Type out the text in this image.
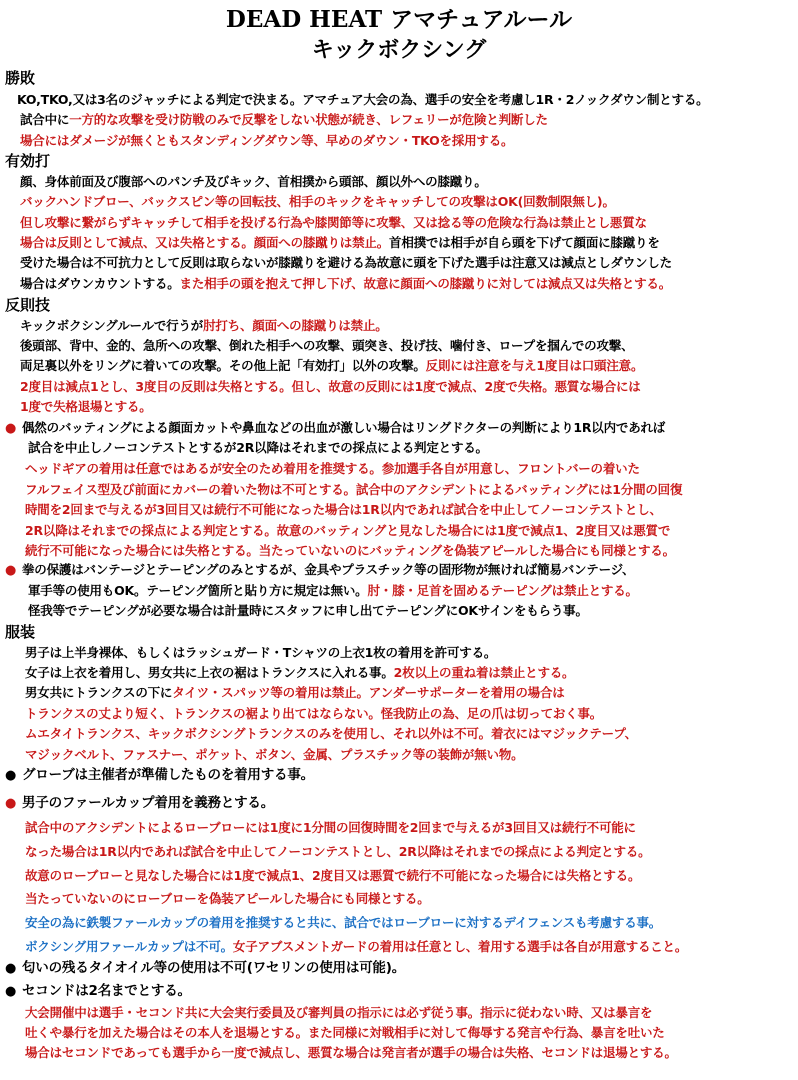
DEAD HEAT アマチュアルール
キックボクシング
勝敗
KO,TKO,又は3名のジャッチによる判定で決まる。アマチュア大会の為、選手の安全を考慮し1R・2ノックダウン制とする。
試合中に一方的な攻撃を受け防戦のみで反撃をしない状態が続き、レフェリーが危険と判断した
場合にはダメージが無くともスタンディングダウン等、早めのダウン・TKOを採用する。
有効打
顔、身体前面及び腹部へのパンチ及びキック、首相撲から頭部、顔以外への膝蹴り。
バックハンドブロー、バックスピン等の回転技、相手のキックをキャッチしての攻撃はOK(回数制限無し)。
但し攻撃に繋がらずキャッチして相手を投げる行為や膝関節等に攻撃、又は捻る等の危険な行為は禁止とし悪質な
場合は反則として減点、又は失格とする。顔面への膝蹴りは禁止。首相撲では相手が自ら頭を下げて顔面に膝蹴りを
受けた場合は不可抗力として反則は取らないが膝蹴りを避ける為故意に頭を下げた選手は注意又は減点としダウンした
場合はダウンカウントする。また相手の頭を抱えて押し下げ、故意に顔面への膝蹴りに対しては減点又は失格とする。
反則技
キックボクシングルールで行うが肘打ち、顔面への膝蹴りは禁止。
後頭部、背中、金的、急所への攻撃、倒れた相手への攻撃、頭突き、投げ技、噛付き、ロープを掴んでの攻撃、
両足裏以外をリングに着いての攻撃。その他上記「有効打」以外の攻撃。反則には注意を与え1度目は口頭注意。
2度目は減点1とし、3度目の反則は失格とする。但し、故意の反則には1度で減点、2度で失格。悪質な場合には
1度で失格退場とする。
● 偶然のバッティングによる顔面カットや鼻血などの出血が激しい場合はリングドクターの判断により1R以内であれば
試合を中止しノーコンテストとするが2R以降はそれまでの採点による判定とする。
ヘッドギアの着用は任意ではあるが安全のため着用を推奨する。参加選手各自が用意し、フロントバーの着いた
フルフェイス型及び前面にカバーの着いた物は不可とする。試合中のアクシデントによるバッティングには1分間の回復
時間を2回まで与えるが3回目又は続行不可能になった場合は1R以内であれば試合を中止してノーコンテストとし、
2R以降はそれまでの採点による判定とする。故意のバッティングと見なした場合には1度で減点1、2度目又は悪質で
続行不可能になった場合には失格とする。当たっていないのにバッティングを偽装アピールした場合にも同様とする。
● 拳の保護はバンテージとテーピングのみとするが、金具やプラスチック等の固形物が無ければ簡易バンテージ、
軍手等の使用もOK。テーピング箇所と貼り方に規定は無い。肘・膝・足首を固めるテーピングは禁止とする。
怪我等でテーピングが必要な場合は計量時にスタッフに申し出てテーピングにOKサインをもらう事。
服装
男子は上半身裸体、もしくはラッシュガード・Tシャツの上衣1枚の着用を許可する。
女子は上衣を着用し、男女共に上衣の裾はトランクスに入れる事。2枚以上の重ね着は禁止とする。
男女共にトランクスの下にタイツ・スパッツ等の着用は禁止。アンダーサポーターを着用の場合は
トランクスの丈より短く、トランクスの裾より出てはならない。怪我防止の為、足の爪は切っておく事。
ムエタイトランクス、キックボクシングトランクスのみを使用し、それ以外は不可。着衣にはマジックテープ、
マジックベルト、ファスナー、ポケット、ボタン、金属、プラスチック等の装飾が無い物。
● グローブは主催者が準備したものを着用する事。
● 男子のファールカップ着用を義務とする。
試合中のアクシデントによるローブローには1度に1分間の回復時間を2回まで与えるが3回目又は続行不可能に
なった場合は1R以内であれば試合を中止してノーコンテストとし、2R以降はそれまでの採点による判定とする。
故意のローブローと見なした場合には1度で減点1、2度目又は悪質で続行不可能になった場合には失格とする。
当たっていないのにローブローを偽装アピールした場合にも同様とする。
安全の為に鉄製ファールカップの着用を推奨すると共に、試合ではローブローに対するデイフェンスも考慮する事。
ボクシング用ファールカップは不可。女子アブスメントガードの着用は任意とし、着用する選手は各自が用意すること。
● 匂いの残るタイオイル等の使用は不可(ワセリンの使用は可能)。
● セコンドは2名までとする。
大会開催中は選手・セコンド共に大会実行委員及び審判員の指示には必ず従う事。指示に従わない時、又は暴言を
吐くや暴行を加えた場合はその本人を退場とする。また同様に対戦相手に対して侮辱する発言や行為、暴言を吐いた
場合はセコンドであっても選手から一度で減点し、悪質な場合は発言者が選手の場合は失格、セコンドは退場とする。
